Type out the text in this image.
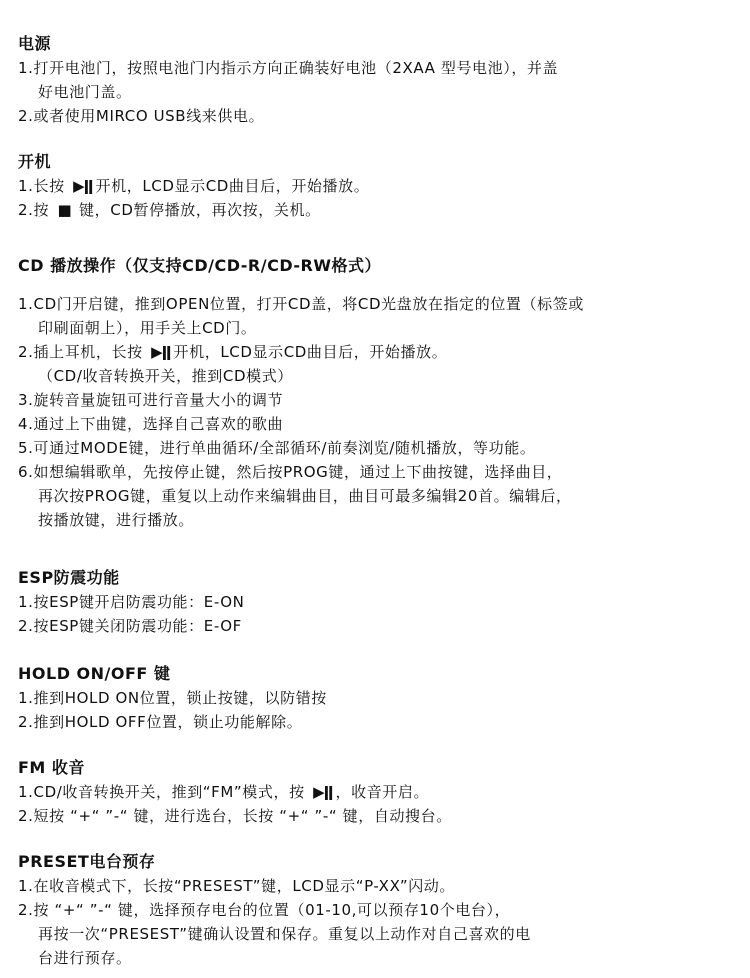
电源
1.打开电池门，按照电池门内指示方向正确装好电池（2XAA 型号电池），并盖
好电池门盖。
2.或者使用MIRCO USB线来供电。
开机
1.长按 ▶ǁ 开机，LCD显示CD曲目后，开始播放。
2.按 ■ 键，CD暂停播放，再次按，关机。
CD 播放操作（仅支持CD/CD-R/CD-RW格式）
1.CD门开启键，推到OPEN位置，打开CD盖，将CD光盘放在指定的位置（标签或
印刷面朝上），用手关上CD门。
2.插上耳机，长按 ▶ǁ 开机，LCD显示CD曲目后，开始播放。
（CD/收音转换开关，推到CD模式）
3.旋转音量旋钮可进行音量大小的调节
4.通过上下曲键，选择自己喜欢的歌曲
5.可通过MODE键，进行单曲循环/全部循环/前奏浏览/随机播放，等功能。
6.如想编辑歌单，先按停止键，然后按PROG键，通过上下曲按键，选择曲目，
再次按PROG键，重复以上动作来编辑曲目，曲目可最多编辑20首。编辑后，
按播放键，进行播放。
ESP防震功能
1.按ESP键开启防震功能：E-ON
2.按ESP键关闭防震功能：E-OF
HOLD ON/OFF 键
1.推到HOLD ON位置，锁止按键，以防错按
2.推到HOLD OFF位置，锁止功能解除。
FM 收音
1.CD/收音转换开关，推到“FM”模式，按 ▶ǁ ，收音开启。
2.短按 “+“ ”-“ 键，进行选台，长按 “+“ ”-“ 键，自动搜台。
PRESET电台预存
1.在收音模式下，长按“PRESEST”键，LCD显示“P-XX”闪动。
2.按 “+“ ”-“ 键，选择预存电台的位置（01-10,可以预存10个电台），
再按一次“PRESEST”键确认设置和保存。重复以上动作对自己喜欢的电
台进行预存。
